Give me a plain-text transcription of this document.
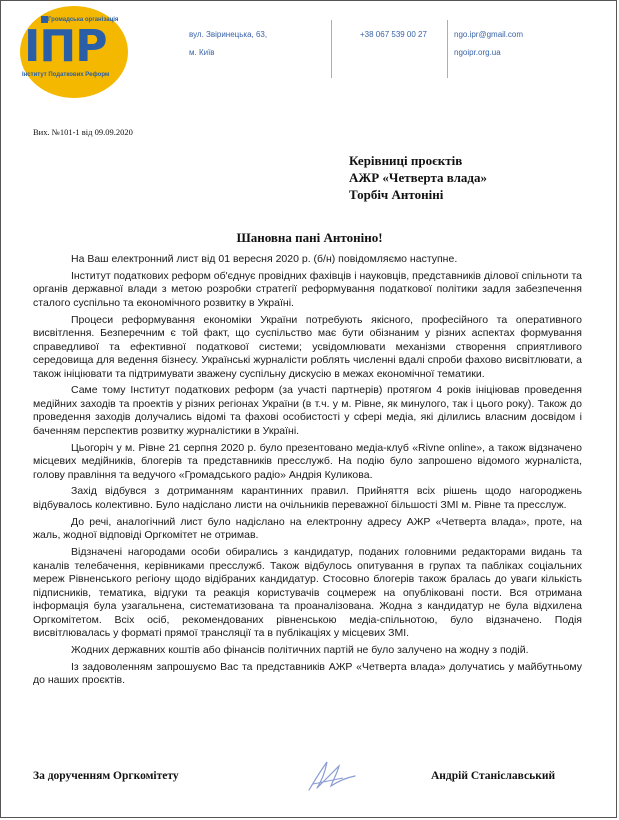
Громадська організація
ІПР
Інститут Податкових Реформ
вул. Звіринецька, 63,
м. Київ
+38 067 539 00 27	ngo.ipr@gmail.com
ngoipr.org.ua
Вих. №101-1 від 09.09.2020
Керівниці проєктів
АЖР «Четверта влада»
Торбіч Антоніні
Шановна пані Антоніно!

На Ваш електронний лист від 01 вересня 2020 р. (б/н) повідомляємо наступне.

Інститут податкових реформ об'єднує провідних фахівців і науковців, представників ділової спільноти та органів державної влади з метою розробки стратегії реформування податкової політики задля забезпечення сталого суспільно та економічного розвитку в Україні.

Процеси реформування економіки України потребують якісного, професійного та оперативного висвітлення. Безперечним є той факт, що суспільство має бути обізнаним у різних аспектах формування справедливої та ефективної податкової системи; усвідомлювати механізми створення сприятливого середовища для ведення бізнесу. Українські журналісти роблять численні вдалі спроби фахово висвітлювати, а також ініціювати та підтримувати зважену суспільну дискусію в межах економічної тематики.

Саме тому Інститут податкових реформ (за участі партнерів) протягом 4 років ініціював проведення медійних заходів та проектів у різних регіонах України (в т.ч. у м. Рівне, як минулого, так і цього року). Також до проведення заходів долучались відомі та фахові особистості у сфері медіа, які ділились власним досвідом і баченням перспектив розвитку журналістики в Україні.

Цьогоріч у м. Рівне 21 серпня 2020 р. було презентовано медіа-клуб «Rivne online», а також відзначено місцевих медійників, блогерів та представників пресслужб. На подію було запрошено відомого журналіста, голову правління та ведучого «Громадського радіо» Андрія Куликова.

Захід відбувся з дотриманням карантинних правил. Прийняття всіх рішень щодо нагороджень відбувалось колективно. Було надіслано листи на очільників переважної більшості ЗМІ м. Рівне та пресслуж.

До речі, аналогічний лист було надіслано на електронну адресу АЖР «Четверта влада», проте, на жаль, жодної відповіді Оргкомітет не отримав.

Відзначені нагородами особи обирались з кандидатур, поданих головними редакторами видань та каналів телебачення, керівниками пресслужб. Також відбулось опитування в групах та пабліках соціальних мереж Рівненського регіону щодо відібраних кандидатур. Стосовно блогерів також бралась до уваги кількість підписників, тематика, відгуки та реакція користувачів соцмереж на опубліковані пости. Вся отримана інформація була узагальнена, систематизована та проаналізована. Жодна з кандидатур не була відхилена Оргкомітетом. Всіх осіб, рекомендованих рівненською медіа-спільнотою, було відзначено. Подія висвітлювалась у форматі прямої трансляції та в публікаціях у місцевих ЗМІ.

Жодних державних коштів або фінансів політичних партій не було залучено на жодну з подій.

Із задоволенням запрошуємо Вас та представників АЖР «Четверта влада» долучатись у майбутньому до наших проєктів.

За дорученням Оргкомітету	Андрій Станіславський
